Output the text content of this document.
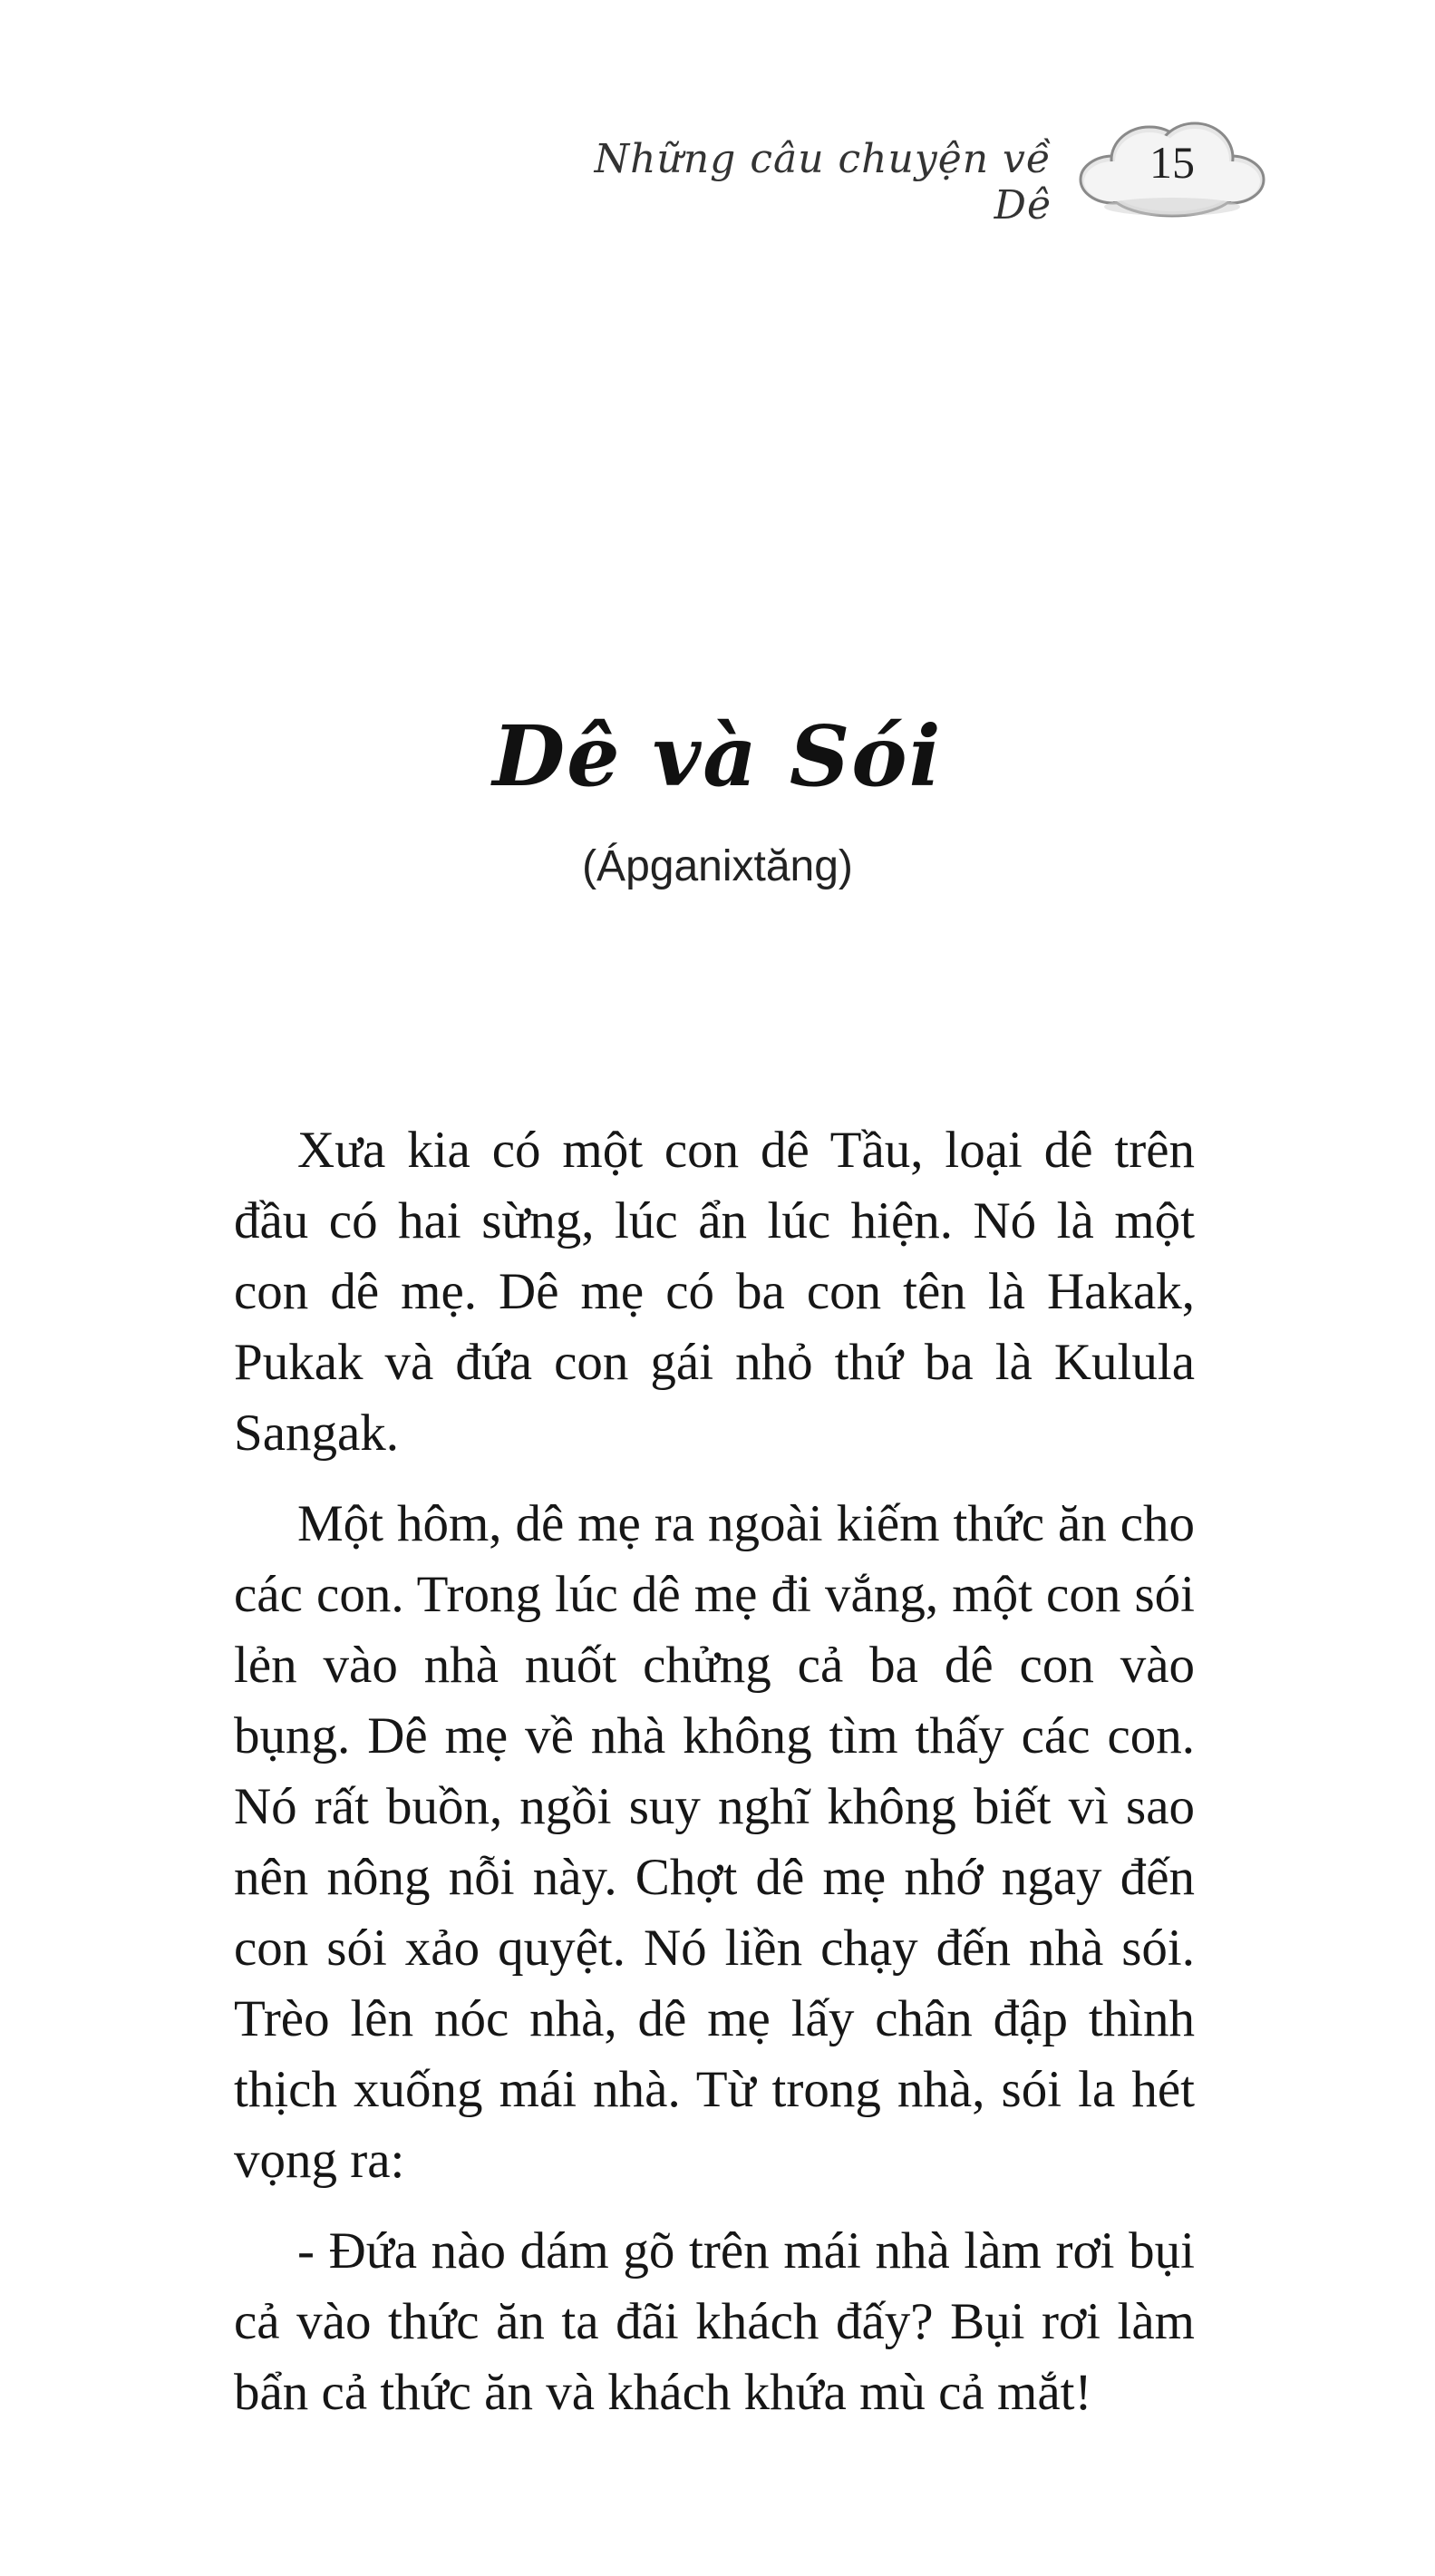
Những câu chuyện về Dê
15
Dê và Sói
(Ápganixtăng)

Xưa kia có một con dê Tầu, loại dê trên đầu có hai sừng, lúc ẩn lúc hiện. Nó là một con dê mẹ. Dê mẹ có ba con tên là Hakak, Pukak và đứa con gái nhỏ thứ ba là Kulula Sangak.

Một hôm, dê mẹ ra ngoài kiếm thức ăn cho các con. Trong lúc dê mẹ đi vắng, một con sói lẻn vào nhà nuốt chửng cả ba dê con vào bụng. Dê mẹ về nhà không tìm thấy các con. Nó rất buồn, ngồi suy nghĩ không biết vì sao nên nông nỗi này. Chợt dê mẹ nhớ ngay đến con sói xảo quyệt. Nó liền chạy đến nhà sói. Trèo lên nóc nhà, dê mẹ lấy chân đập thình thịch xuống mái nhà. Từ trong nhà, sói la hét vọng ra:

- Đứa nào dám gõ trên mái nhà làm rơi bụi cả vào thức ăn ta đãi khách đấy? Bụi rơi làm bẩn cả thức ăn và khách khứa mù cả mắt!
